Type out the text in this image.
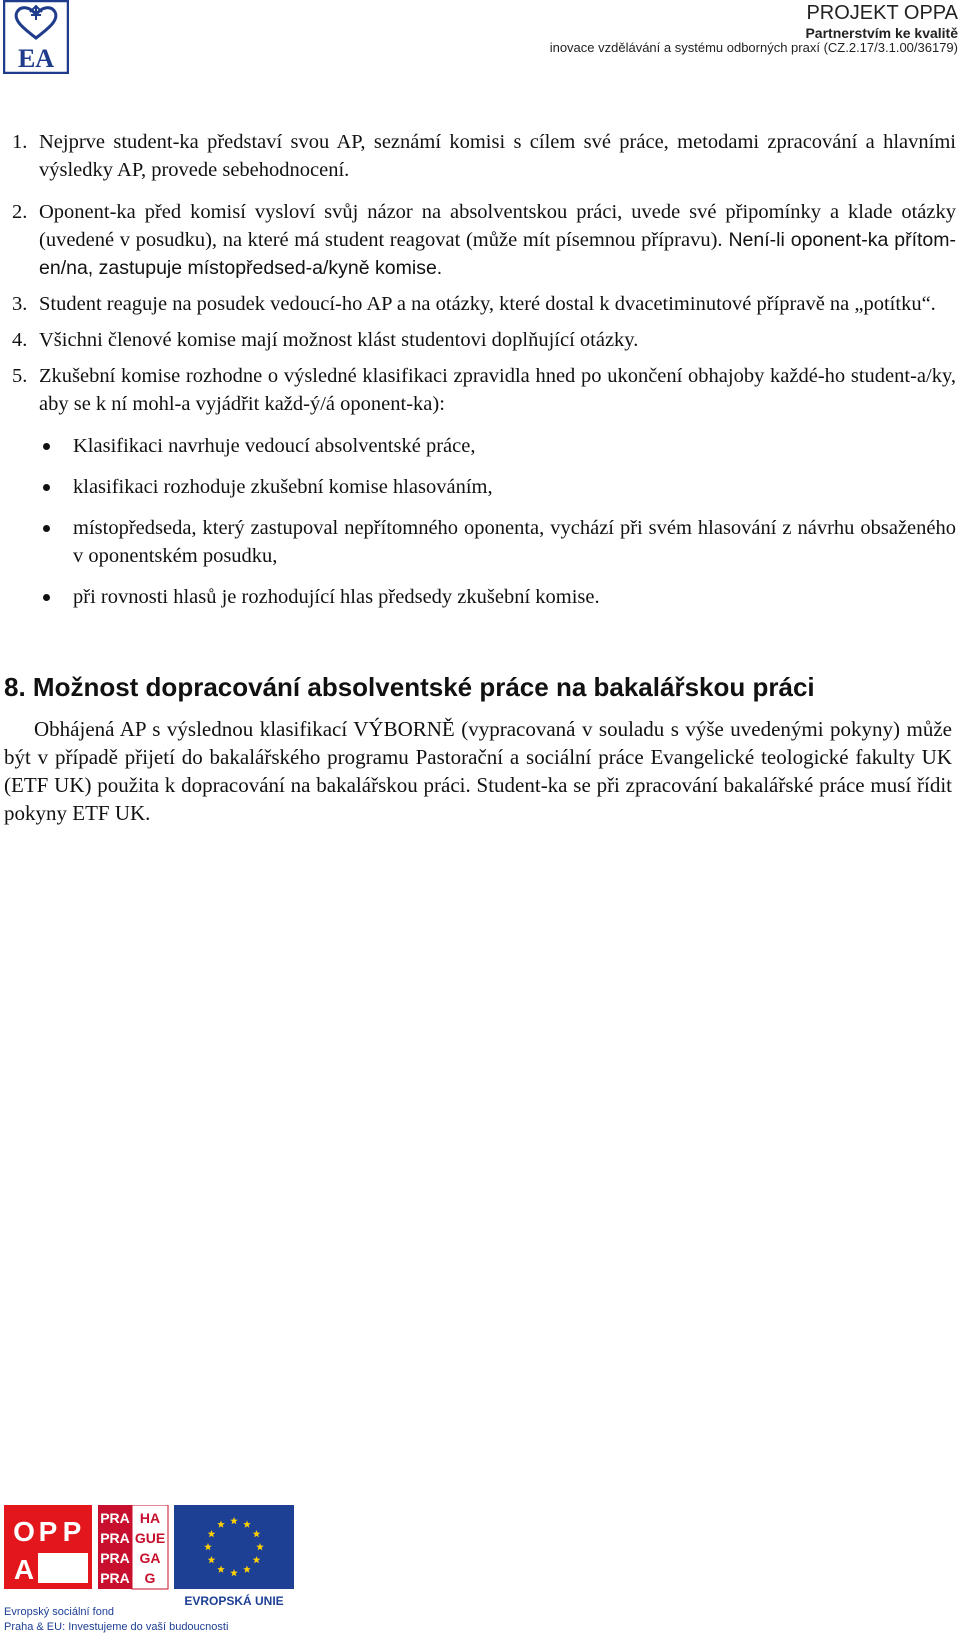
EA
PROJEKT OPPA
Partnerstvím ke kvalitě
inovace vzdělávání a systému odborných praxí (CZ.2.17/3.1.00/36179)
1. Nejprve student-ka představí svou AP, seznámí komisi s cílem své práce, metodami zpracování a hlavními výsledky AP, provede sebehodnocení.
2. Oponent-ka před komisí vysloví svůj názor na absolventskou práci, uvede své připomínky a klade otázky (uvedené v posudku), na které má student reagovat (může mít písemnou přípravu). Není-li oponent-ka přítom-en/na, zastupuje místopředsed-a/kyně komise.
3. Student reaguje na posudek vedoucí-ho AP a na otázky, které dostal k dvacetiminutové přípravě na „potítku“.
4. Všichni členové komise mají možnost klást studentovi doplňující otázky.
5. Zkušební komise rozhodne o výsledné klasifikaci zpravidla hned po ukončení obhajoby každé-ho student-a/ky, aby se k ní mohl-a vyjádřit každ-ý/á oponent-ka):
Klasifikaci navrhuje vedoucí absolventské práce,
klasifikaci rozhoduje zkušební komise hlasováním,
místopředseda, který zastupoval nepřítomného oponenta, vychází při svém hlasování z návrhu obsaženého v oponentském posudku,
při rovnosti hlasů je rozhodující hlas předsedy zkušební komise.
8. Možnost dopracování absolventské práce na bakalářskou práci
Obhájená AP s výslednou klasifikací VÝBORNĚ (vypracovaná v souladu s výše uvedenými pokyny) může být v případě přijetí do bakalářského programu Pastorační a sociální práce Evangelické teologické fakulty UK (ETF UK) použita k dopracování na bakalářskou práci. Student-ka se při zpracování bakalářské práce musí řídit pokyny ETF UK.
O P P
A
PRA HA
PRA GUE
PRA GA
PRA G
EVROPSKÁ UNIE
Evropský sociální fond
Praha & EU: Investujeme do vaší budoucnosti
